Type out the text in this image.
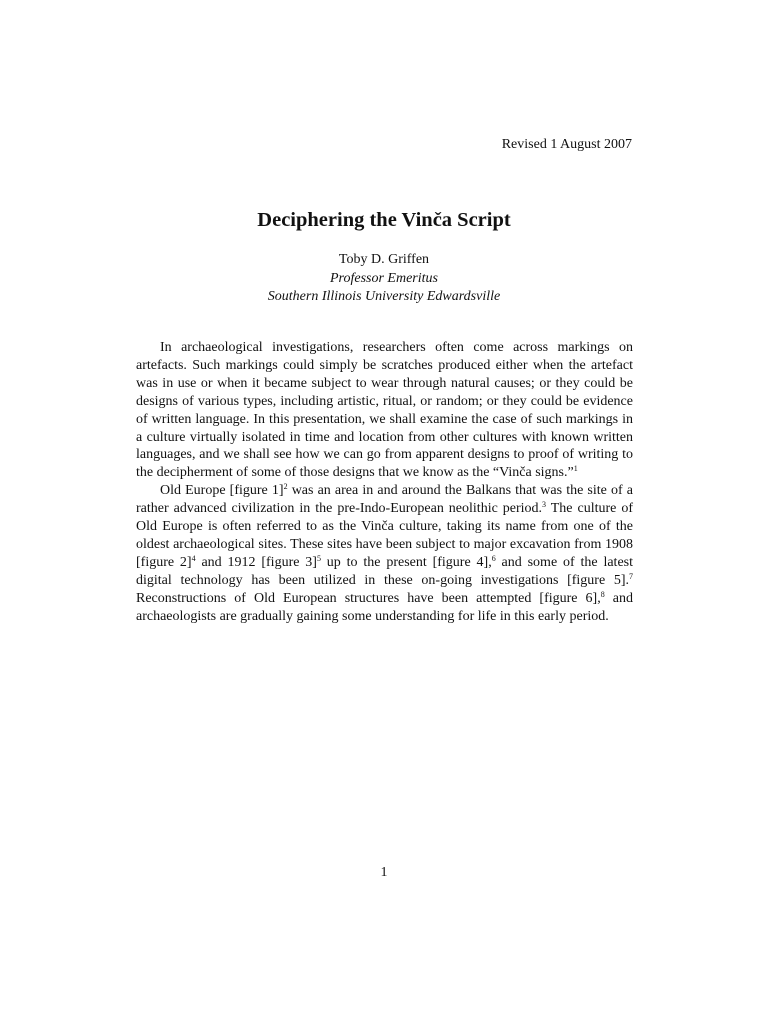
Revised 1 August 2007
Deciphering the Vinča Script
Toby D. Griffen
Professor Emeritus
Southern Illinois University Edwardsville

In archaeological investigations, researchers often come across markings on artefacts. Such markings could simply be scratches produced either when the artefact was in use or when it became subject to wear through natural causes; or they could be designs of various types, including artistic, ritual, or random; or they could be evidence of written language. In this presentation, we shall examine the case of such markings in a culture virtually isolated in time and location from other cultures with known written languages, and we shall see how we can go from apparent designs to proof of writing to the decipherment of some of those designs that we know as the “Vinča signs.”$^1$

Old Europe [figure 1]$^2$ was an area in and around the Balkans that was the site of a rather advanced civilization in the pre-Indo-European neolithic period.$^3$ The culture of Old Europe is often referred to as the Vinča culture, taking its name from one of the oldest archaeological sites. These sites have been subject to major excavation from 1908 [figure 2]$^4$ and 1912 [figure 3]$^5$ up to the present [figure 4],$^6$ and some of the latest digital technology has been utilized in these on-going investigations [figure 5].$^7$ Reconstructions of Old European structures have been attempted [figure 6],$^8$ and archaeologists are gradually gaining some understanding for life in this early period.

1
